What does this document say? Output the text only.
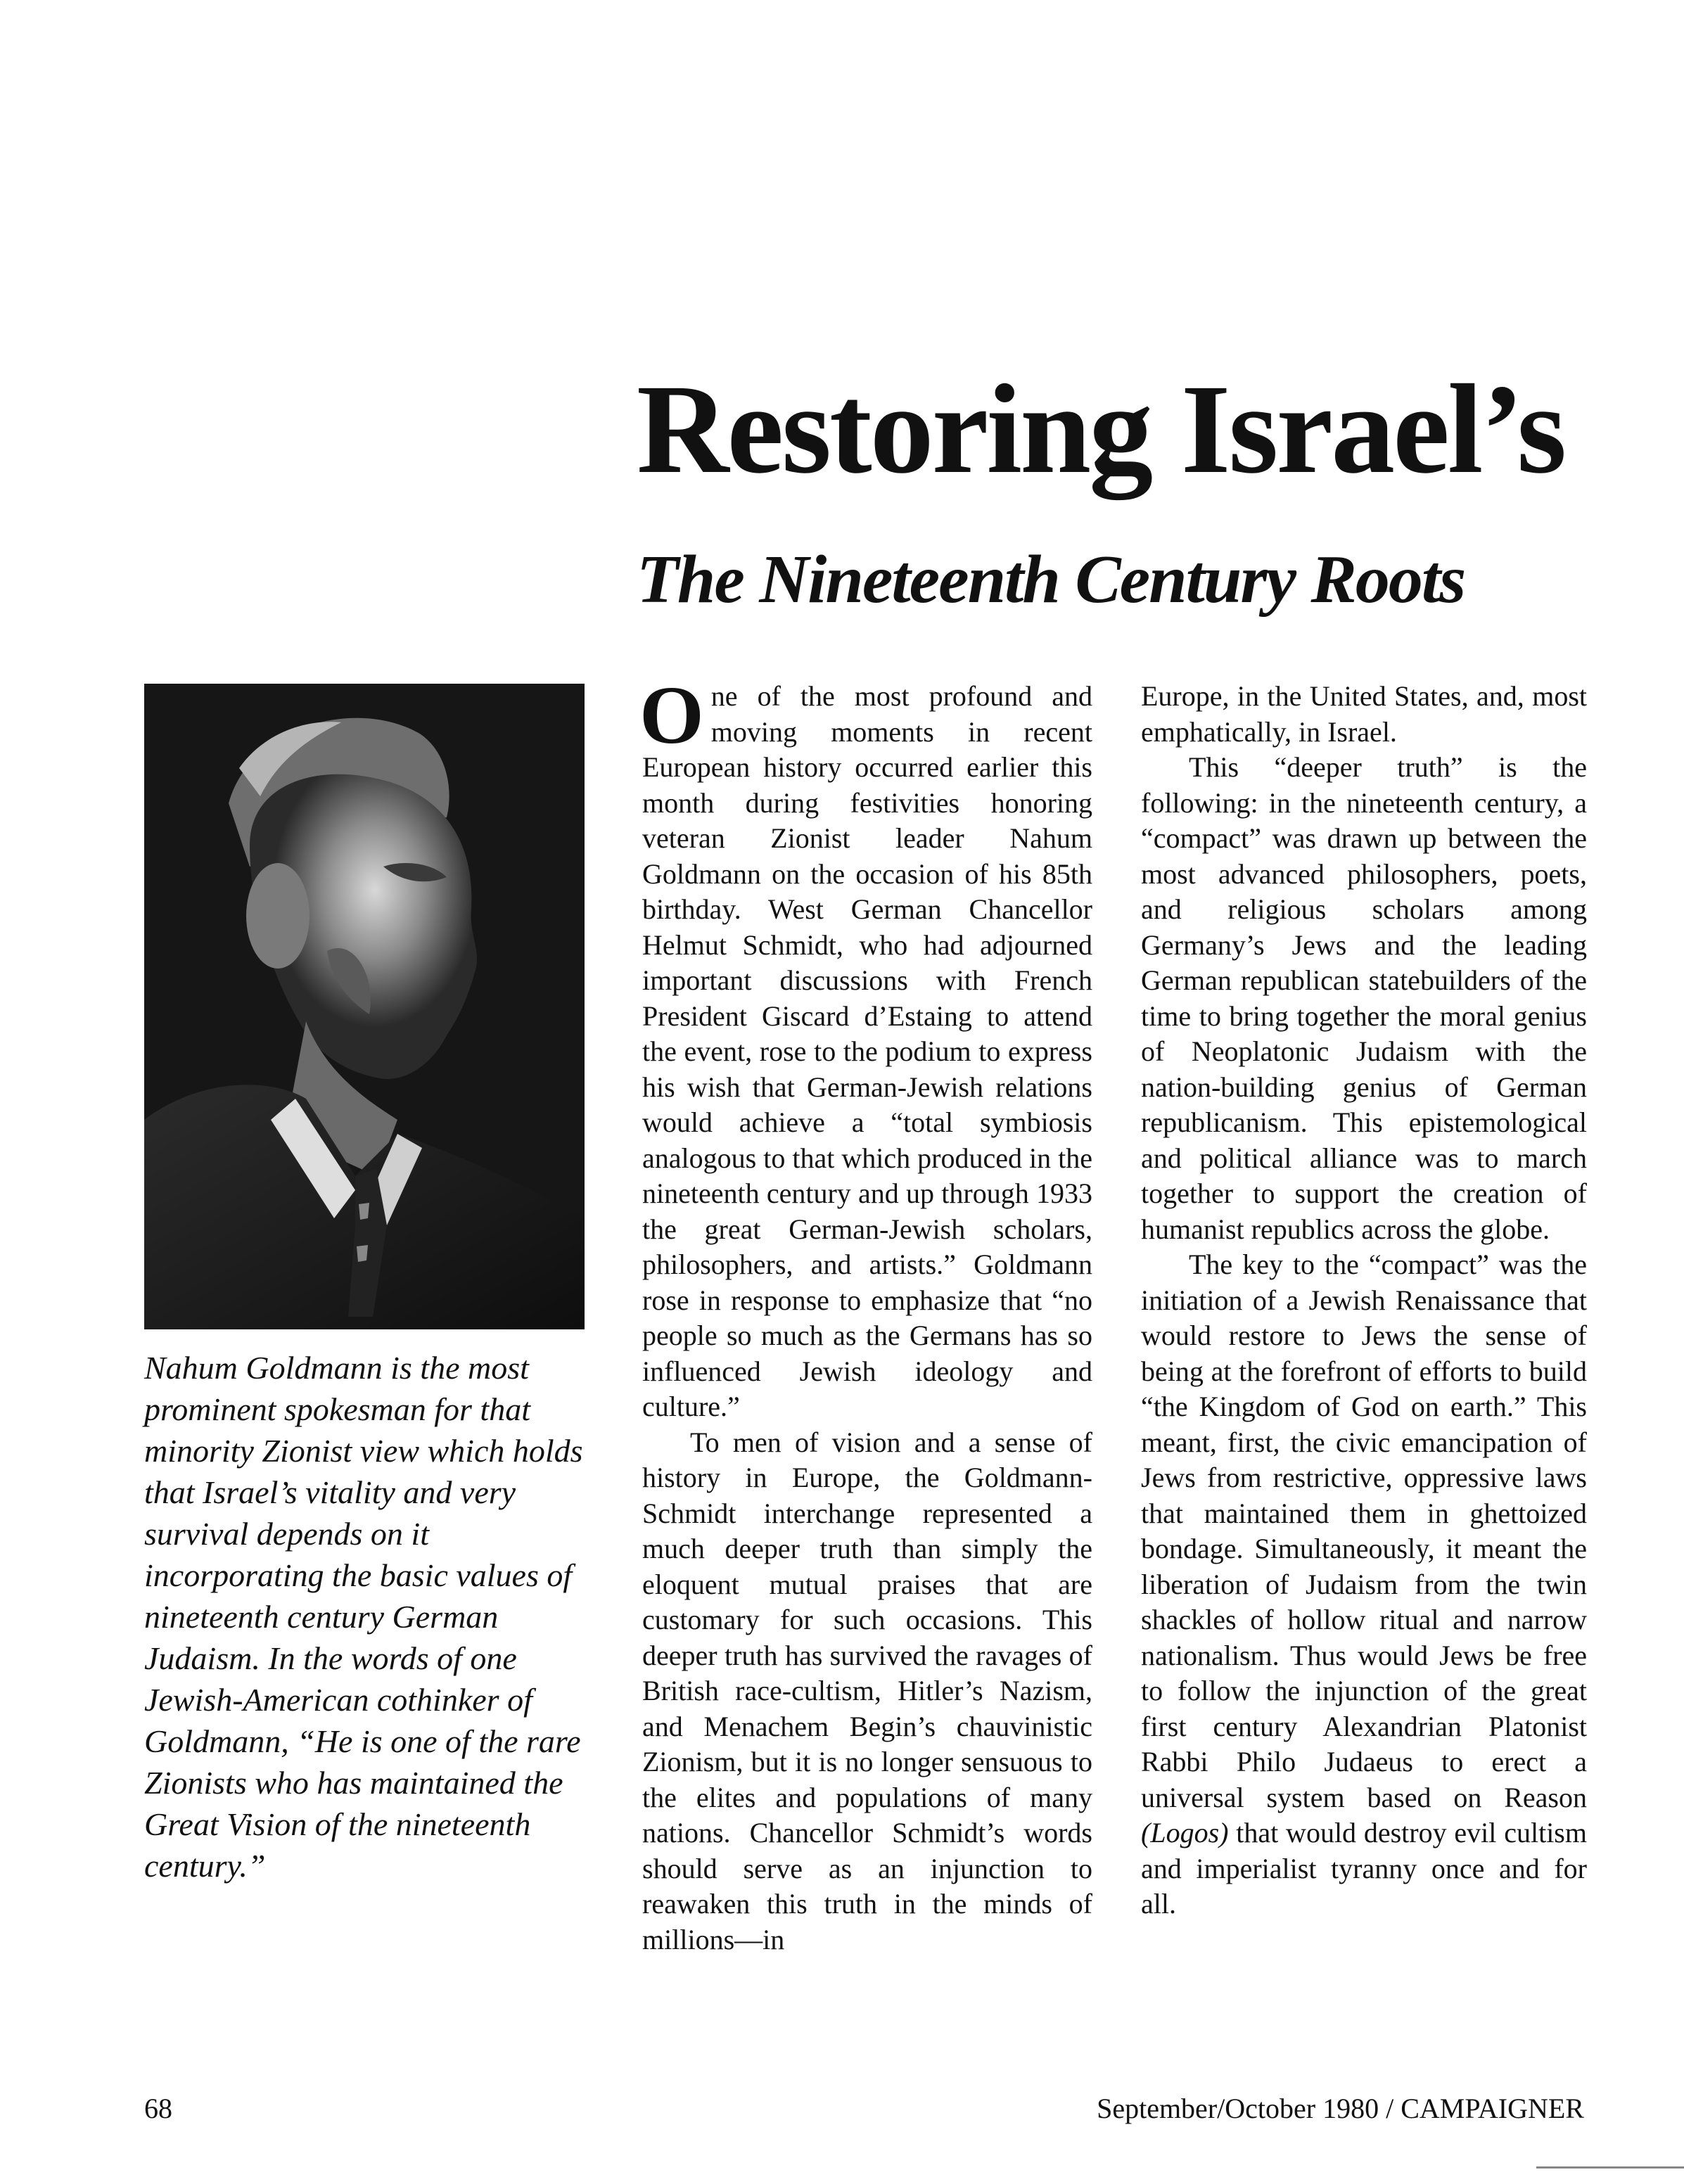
Restoring Israel’s
The Nineteenth Century Roots

Nahum Goldmann is the most prominent spokesman for that minority Zionist view which holds that Israel’s vitality and very survival depends on it incorporating the basic values of nineteenth century German Judaism. In the words of one Jewish-American cothinker of Goldmann, “He is one of the rare Zionists who has maintained the Great Vision of the nineteenth century.”

One of the most profound and moving moments in recent European history occurred earlier this month during festivities honoring veteran Zionist leader Nahum Goldmann on the occasion of his 85th birthday. West German Chancellor Helmut Schmidt, who had adjourned important discussions with French President Giscard d’Estaing to attend the event, rose to the podium to express his wish that German-Jewish relations would achieve a “total symbiosis analogous to that which produced in the nineteenth century and up through 1933 the great German-Jewish scholars, philosophers, and artists.” Goldmann rose in response to emphasize that “no people so much as the Germans has so influenced Jewish ideology and culture.”

To men of vision and a sense of history in Europe, the Goldmann-Schmidt interchange represented a much deeper truth than simply the eloquent mutual praises that are customary for such occasions. This deeper truth has survived the ravages of British race-cultism, Hitler’s Nazism, and Menachem Begin’s chauvinistic Zionism, but it is no longer sensuous to the elites and populations of many nations. Chancellor Schmidt’s words should serve as an injunction to reawaken this truth in the minds of millions—in

Europe, in the United States, and, most emphatically, in Israel.

This “deeper truth” is the following: in the nineteenth century, a “compact” was drawn up between the most advanced philosophers, poets, and religious scholars among Germany’s Jews and the leading German republican statebuilders of the time to bring together the moral genius of Neoplatonic Judaism with the nation-building genius of German republicanism. This epistemological and political alliance was to march together to support the creation of humanist republics across the globe.

The key to the “compact” was the initiation of a Jewish Renaissance that would restore to Jews the sense of being at the forefront of efforts to build “the Kingdom of God on earth.” This meant, first, the civic emancipation of Jews from restrictive, oppressive laws that maintained them in ghettoized bondage. Simultaneously, it meant the liberation of Judaism from the twin shackles of hollow ritual and narrow nationalism. Thus would Jews be free to follow the injunction of the great first century Alexandrian Platonist Rabbi Philo Judaeus to erect a universal system based on Reason (Logos) that would destroy evil cultism and imperialist tyranny once and for all.

68	September/October 1980 / CAMPAIGNER
